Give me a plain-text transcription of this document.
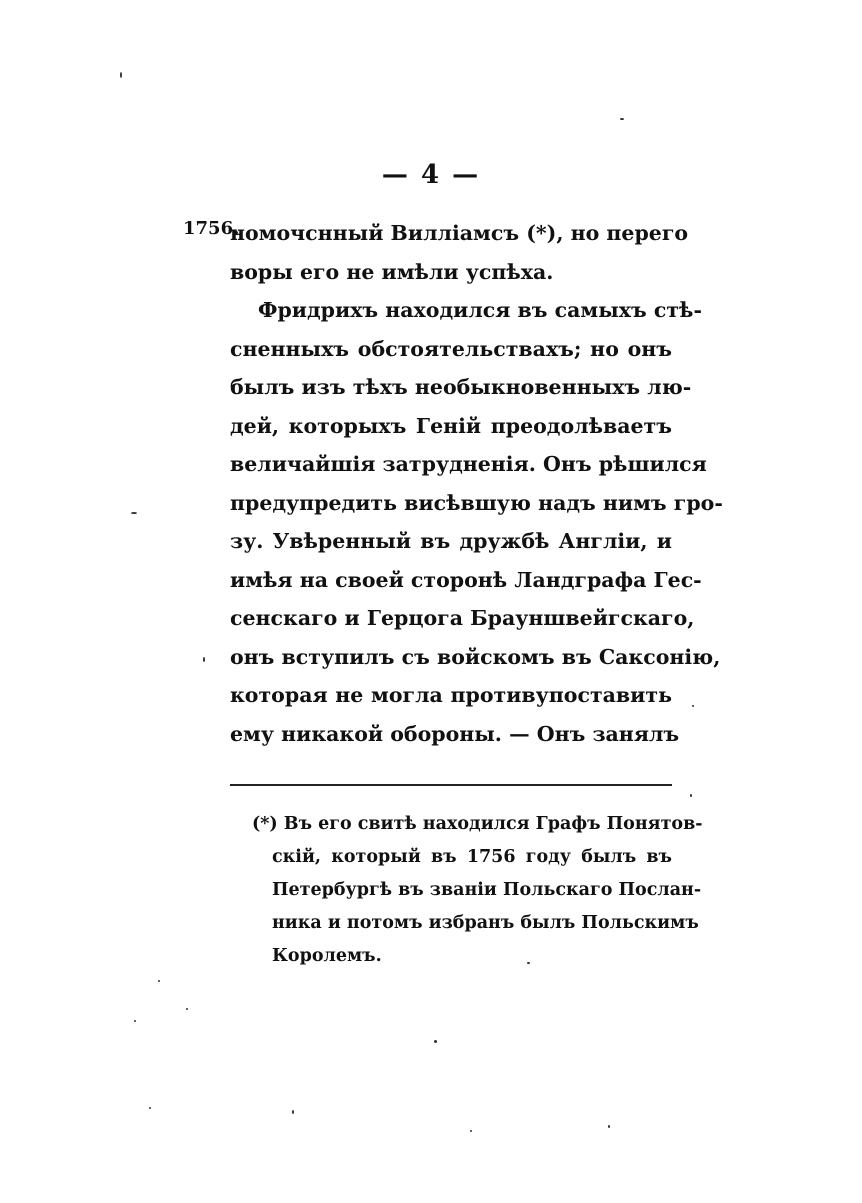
— 4 —
1756.
номочснный Вилліамсъ (*), но перего
воры его не имѣли успѣха.
Фридрихъ находился въ самыхъ стѣ-
сненныхъ обстоятельствахъ; но онъ
былъ изъ тѣхъ необыкновенныхъ лю-
дей, которыхъ Геній преодолѣваетъ
величайшія затрудненія. Онъ рѣшился
предупредить висѣвшую надъ нимъ гро-
зу. Увѣренный въ дружбѣ Англіи, и
имѣя на своей сторонѣ Ландграфа Гес-
сенскаго и Герцога Брауншвейгскаго,
онъ вступилъ съ войскомъ въ Саксонію,
которая не могла противупоставить
ему никакой обороны. — Онъ занялъ
(*) Въ его свитѣ находился Графъ Понятов-
скій, который въ 1756 году былъ въ
Петербургѣ въ званіи Польскаго Послан-
ника и потомъ избранъ былъ Польскимъ
Королемъ.
